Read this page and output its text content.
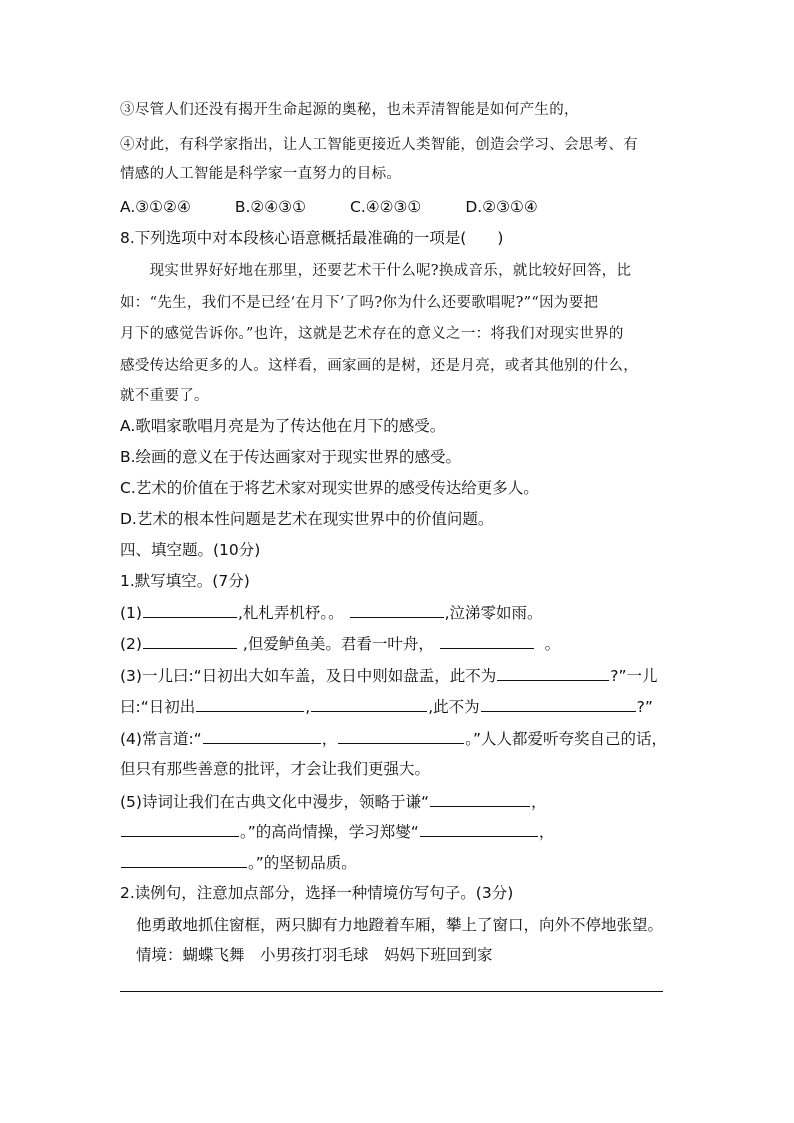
③尽管人们还没有揭开生命起源的奥秘，也未弄清智能是如何产生的，
④对此，有科学家指出，让人工智能更接近人类智能，创造会学习、会思考、有
情感的人工智能是科学家一直努力的目标。
A.③①②④	B.②④③①	C.④②③①	D.②③①④
8.下列选项中对本段核心语意概括最准确的一项是(　　)
　　现实世界好好地在那里，还要艺术干什么呢?换成音乐，就比较好回答，比
如：“先生，我们不是已经‘在月下’了吗?你为什么还要歌唱呢?”“因为要把
月下的感觉告诉你。”也许，这就是艺术存在的意义之一：将我们对现实世界的
感受传达给更多的人。这样看，画家画的是树，还是月亮，或者其他别的什么，
就不重要了。
A.歌唱家歌唱月亮是为了传达他在月下的感受。
B.绘画的意义在于传达画家对于现实世界的感受。
C.艺术的价值在于将艺术家对现实世界的感受传达给更多人。
D.艺术的根本性问题是艺术在现实世界中的价值问题。
四、填空题。(10分)
1.默写填空。(7分)
(1)	,札札弄机杼。。	,泣涕零如雨。
(2)	,但爱鲈鱼美。君看一叶舟，	。
(3)一儿曰:“日初出大如车盖，及日中则如盘盂，此不为	?”一儿
曰:“日初出	,	,此不为	?”
(4)常言道:“	，	。”人人都爱听夸奖自己的话，
但只有那些善意的批评，才会让我们更强大。
(5)诗词让我们在古典文化中漫步，领略于谦“	，
。”的高尚情操，学习郑燮“	，
。”的坚韧品质。
2.读例句，注意加点部分，选择一种情境仿写句子。(3分)
他勇敢地抓住窗框，两只脚有力地蹬着车厢，攀上了窗口，向外不停地张望。
情境：蝴蝶飞舞　小男孩打羽毛球　妈妈下班回到家
